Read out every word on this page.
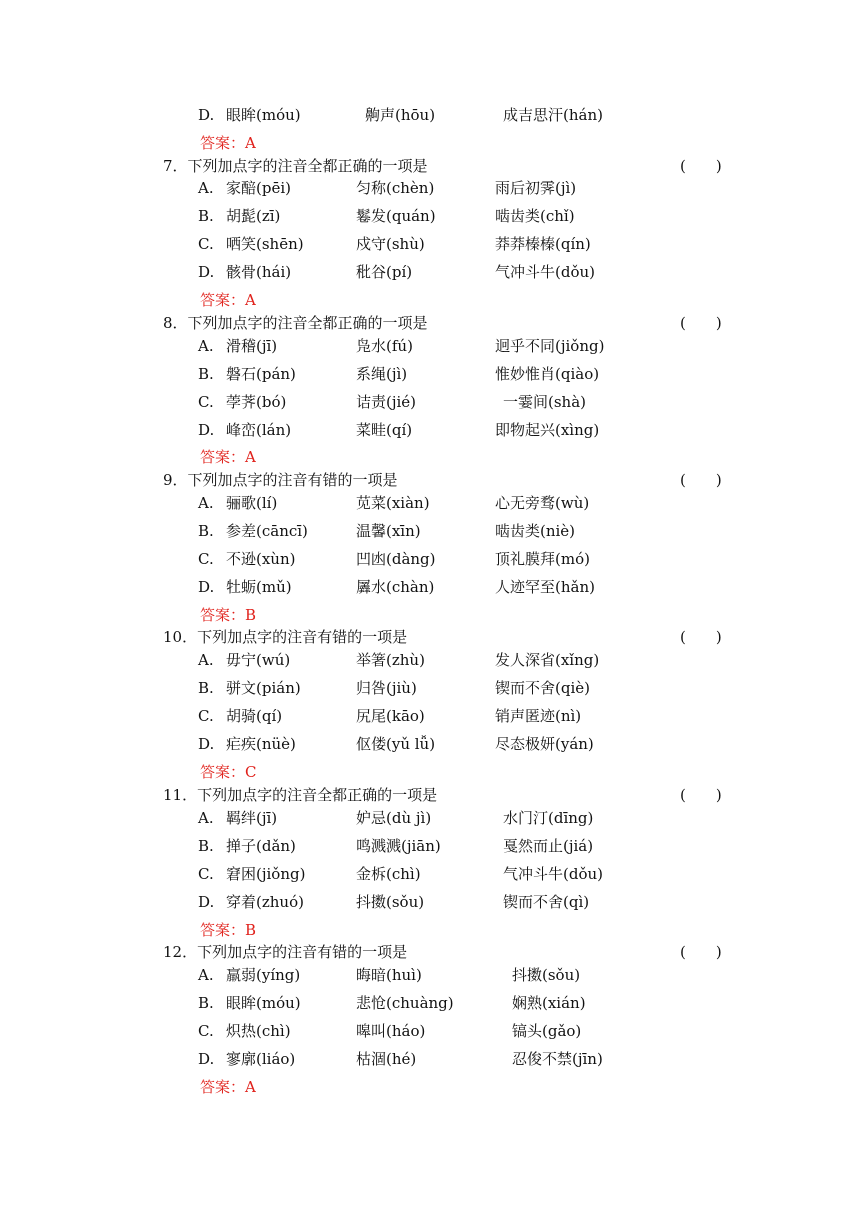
D. 眼眸(móu)	齁声(hōu)	成吉思汗(hán)
答案：A
7．下列加点字的注音全都正确的一项是	(　　)
A. 家醅(pēi)	匀称(chèn)	雨后初霁(jì)
B. 胡髭(zī)	鬈发(quán)	啮齿类(chǐ)
C. 哂笑(shēn)	戍守(shù)	莽莽榛榛(qín)
D. 骸骨(hái)	秕谷(pí)	气冲斗牛(dǒu)
答案：A
8．下列加点字的注音全都正确的一项是	(　　)
A. 滑稽(jī)	凫水(fú)	迥乎不同(jiǒng)
B. 磐石(pán)	系绳(jì)	惟妙惟肖(qiào)
C. 荸荠(bó)	诘责(jié)	一霎间(shà)
D. 峰峦(lán)	菜畦(qí)	即物起兴(xìng)
答案：A
9．下列加点字的注音有错的一项是	(　　)
A. 骊歌(lí)	苋菜(xiàn)	心无旁骛(wù)
B. 参差(cāncī)	温馨(xīn)	啮齿类(niè)
C. 不逊(xùn)	凹凼(dàng)	顶礼膜拜(mó)
D. 牡蛎(mǔ)	羼水(chàn)	人迹罕至(hǎn)
答案：B
10．下列加点字的注音有错的一项是	(　　)
A. 毋宁(wú)	举箸(zhù)	发人深省(xǐng)
B. 骈文(pián)	归咎(jiù)	锲而不舍(qiè)
C. 胡骑(qí)	尻尾(kāo)	销声匿迹(nì)
D. 疟疾(nüè)	伛偻(yǔ lǚ)	尽态极妍(yán)
答案：C
11．下列加点字的注音全都正确的一项是	(　　)
A. 羁绊(jī)	妒忌(dù jì)	水门汀(dīng)
B. 掸子(dǎn)	鸣溅溅(jiān)	戛然而止(jiá)
C. 窘困(jiǒng)	金柝(chì)	气冲斗牛(dǒu)
D. 穿着(zhuó)	抖擞(sǒu)	锲而不舍(qì)
答案：B
12．下列加点字的注音有错的一项是	(　　)
A. 羸弱(yíng)	晦暗(huì)	抖擞(sǒu)
B. 眼眸(móu)	悲怆(chuàng)	娴熟(xián)
C. 炽热(chì)	嗥叫(háo)	镐头(gǎo)
D. 寥廓(liáo)	枯涸(hé)	忍俊不禁(jīn)
答案：A
